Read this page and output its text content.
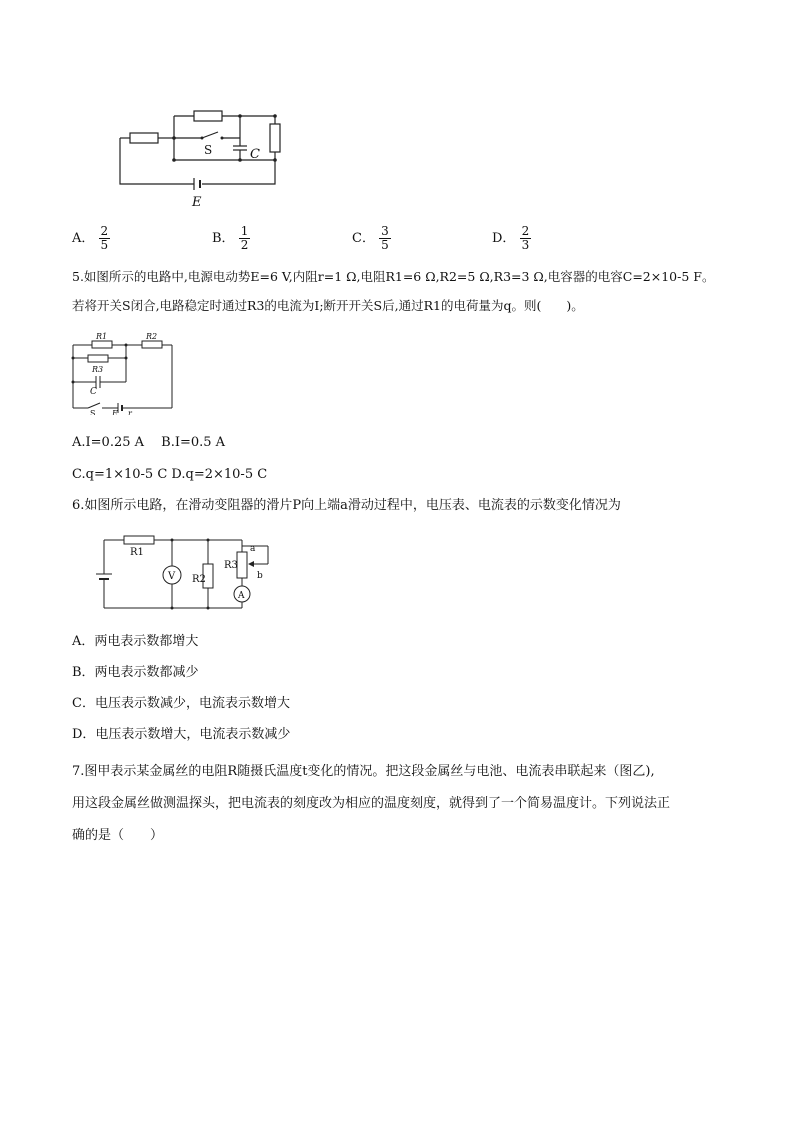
S	C
E
A． $\frac{2}{5}$	B． $\frac{1}{2}$	C． $\frac{3}{5}$	D． $\frac{2}{3}$
5.如图所示的电路中,电源电动势E=6 V,内阻r=1 Ω,电阻R1=6 Ω,R2=5 Ω,R3=3 Ω,电容器的电容C=2×10-5 F。
若将开关S闭合,电路稳定时通过R3的电流为I;断开开关S后,通过R1的电荷量为q。则(　　)。
R1	R2
R3
C
S E r
A.I=0.25 A　 B.I=0.5 A
C.q=1×10-5 C D.q=2×10-5 C
6.如图所示电路，在滑动变阻器的滑片P向上端a滑动过程中，电压表、电流表的示数变化情况为
R1
V R2
R3
A
a
b
A．两电表示数都增大
B．两电表示数都减少
C．电压表示数减少，电流表示数增大
D．电压表示数增大，电流表示数减少
7.图甲表示某金属丝的电阻R随摄氏温度t变化的情况。把这段金属丝与电池、电流表串联起来（图乙),
用这段金属丝做测温探头，把电流表的刻度改为相应的温度刻度，就得到了一个简易温度计。下列说法正
确的是（　　）
